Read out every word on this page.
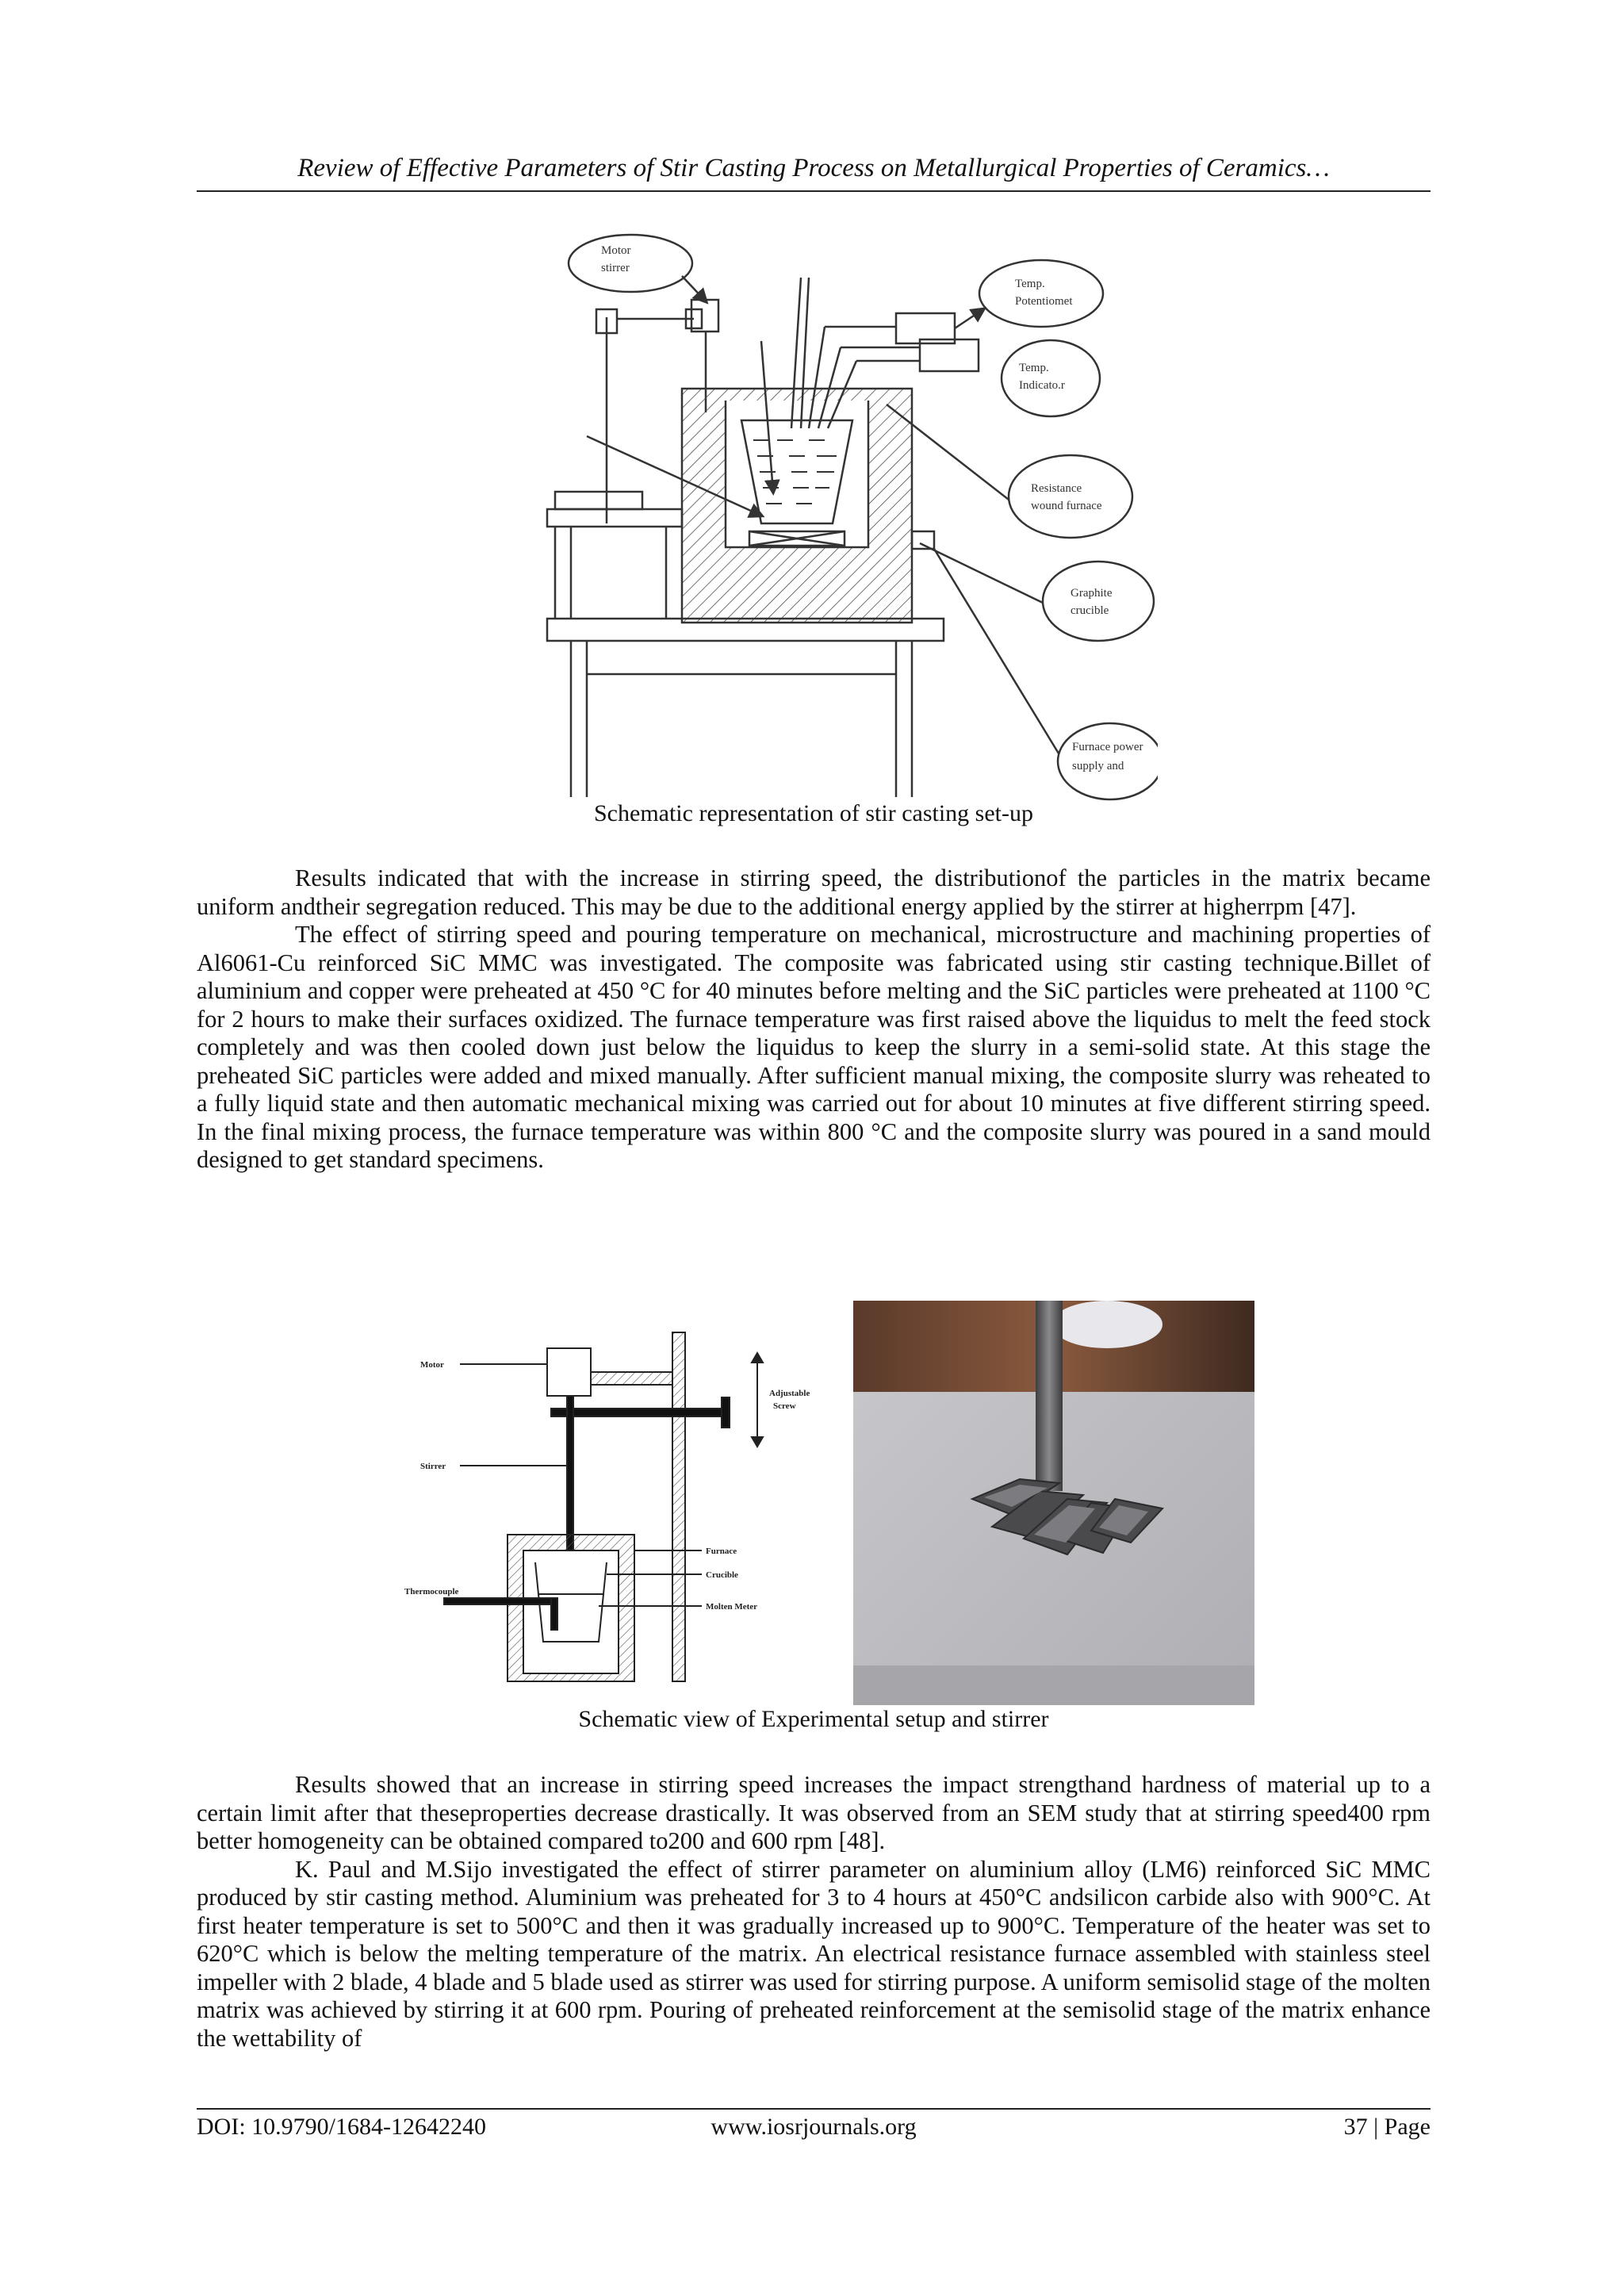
Review of Effective Parameters of Stir Casting Process on Metallurgical Properties of Ceramics…
Motor
stirrer
Temp.
Potentiomet
Temp.
Indicato.r
Resistance
wound furnace
Graphite
crucible
Furnace power
supply and
Schematic representation of stir casting set-up

Results indicated that with the increase in stirring speed, the distributionof the particles in the matrix became uniform andtheir segregation reduced. This may be due to the additional energy applied by the stirrer at higherrpm [47].

The effect of stirring speed and pouring temperature on mechanical, microstructure and machining properties of Al6061-Cu reinforced SiC MMC was investigated. The composite was fabricated using stir casting technique.Billet of aluminium and copper were preheated at 450 °C for 40 minutes before melting and the SiC particles were preheated at 1100 °C for 2 hours to make their surfaces oxidized. The furnace temperature was first raised above the liquidus to melt the feed stock completely and was then cooled down just below the liquidus to keep the slurry in a semi-solid state. At this stage the preheated SiC particles were added and mixed manually. After sufficient manual mixing, the composite slurry was reheated to a fully liquid state and then automatic mechanical mixing was carried out for about 10 minutes at five different stirring speed. In the final mixing process, the furnace temperature was within 800 °C and the composite slurry was poured in a sand mould designed to get standard specimens.

Motor
Adjustable
Screw
Stirrer
Furnace
Crucible
Thermocouple
Molten Meter
Schematic view of Experimental setup and stirrer

Results showed that an increase in stirring speed increases the impact strengthand hardness of material up to a certain limit after that theseproperties decrease drastically. It was observed from an SEM study that at stirring speed400 rpm better homogeneity can be obtained compared to200 and 600 rpm [48].

K. Paul and M.Sijo investigated the effect of stirrer parameter on aluminium alloy (LM6) reinforced SiC MMC produced by stir casting method. Aluminium was preheated for 3 to 4 hours at 450°C andsilicon carbide also with 900°C. At first heater temperature is set to 500°C and then it was gradually increased up to 900°C. Temperature of the heater was set to 620°C which is below the melting temperature of the matrix. An electrical resistance furnace assembled with stainless steel impeller with 2 blade, 4 blade and 5 blade used as stirrer was used for stirring purpose. A uniform semisolid stage of the molten matrix was achieved by stirring it at 600 rpm. Pouring of preheated reinforcement at the semisolid stage of the matrix enhance the wettability of

DOI: 10.9790/1684-12642240	www.iosrjournals.org	37 | Page
